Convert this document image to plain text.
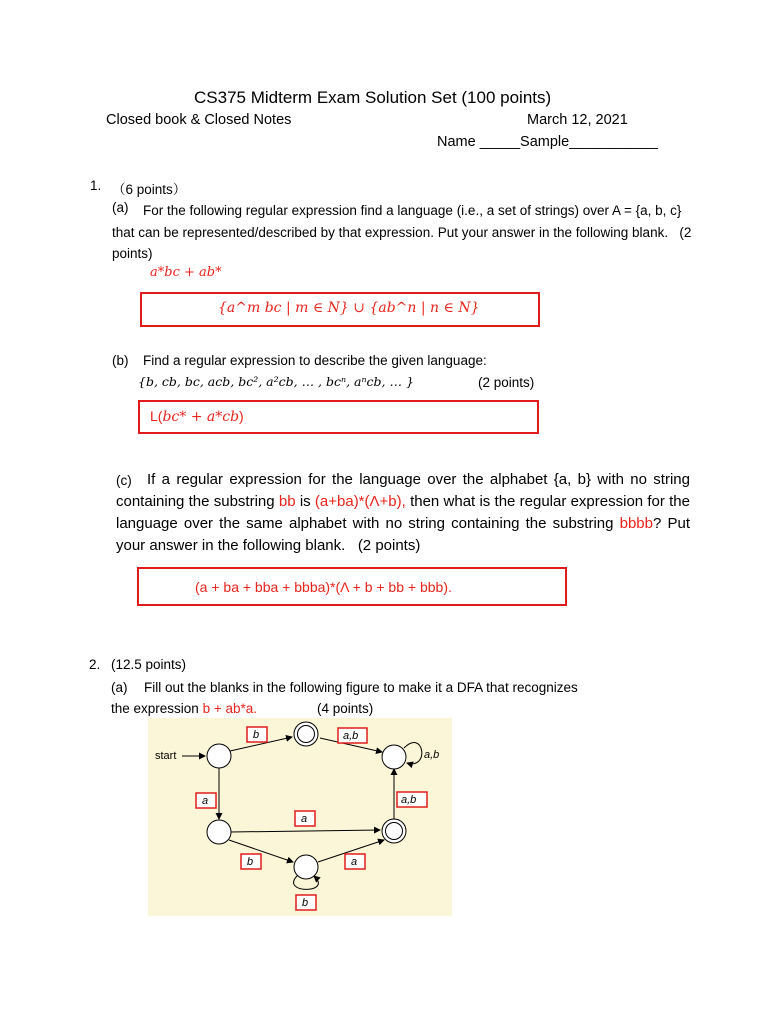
CS375 Midterm Exam Solution Set (100 points)
Closed book & Closed Notes	March 12, 2021
Name _____Sample___________
1. （6 points）
(a)	For the following regular expression find a language (i.e., a set of strings) over A = {a, b, c} that can be represented/described by that expression. Put your answer in the following blank. (2 points)
a*bc + ab*
{a^m bc | m ∈ N} ∪ {ab^n | n ∈ N}
(b) Find a regular expression to describe the given language:
{b, cb, bc, acb, bc², a²cb, … , bcⁿ, aⁿcb, … }	(2 points)
L(bc* + a*cb)
(c)	If a regular expression for the language over the alphabet {a, b} with no string containing the substring bb is (a+ba)*(Λ+b), then what is the regular expression for the language over the same alphabet with no string containing the substring bbbb? Put your answer in the following blank. (2 points)
(a + ba + bba + bbba)*(Λ + b + bb + bbb).
2. (12.5 points)
(a) Fill out the blanks in the following figure to make it a DFA that recognizes
the expression b + ab*a.	(4 points)
start
b	a,b
a,b
a	a,b
a
b	a
b
